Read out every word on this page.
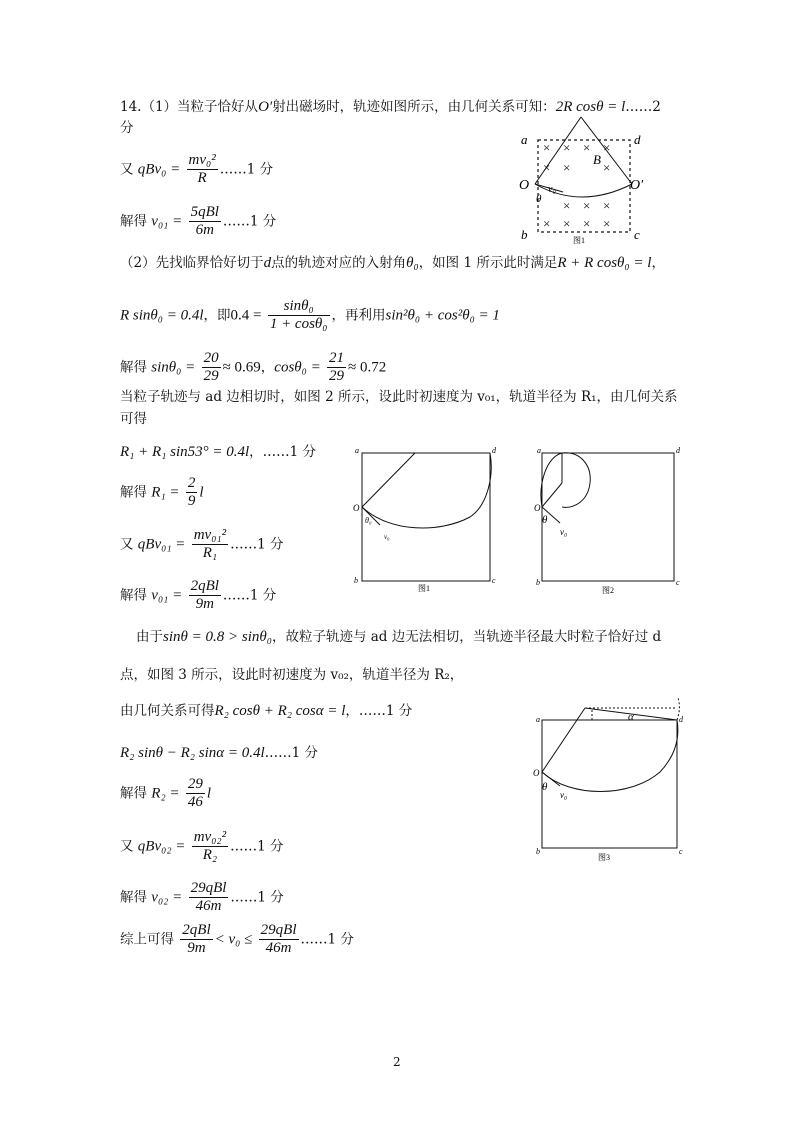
14.（1）当粒子恰好从O′射出磁场时，轨迹如图所示，由几何关系可知：2R cosθ = l……2
分
又 $qBv_0 = \frac{\text{mv₀²}}{R}$ ……1 分
解得 $v_{01} = \frac{\text{5qBl}}{6m}$ ……1 分
（2）先找临界恰好切于d点的轨迹对应的入射角θ₀，如图 1 所示此时满足R + R cosθ₀ = l，
R sinθ₀ = 0.4l，即$0.4 = \frac{\text{sinθ₀}}{\text{1 + cosθ₀}}$ ，再利用sin²θ₀ + cos²θ₀ = 1
解得 $\sin\theta_0 = \frac{20}{29} \approx 0.69$，$\cos\theta_0 = \frac{21}{29} \approx 0.72$
当粒子轨迹与 ad 边相切时，如图 2 所示，设此时初速度为 v₀₁，轨道半径为 R₁，由几何关系
可得
R₁ + R₁ sin53° = 0.4l，……1 分
解得 $R_1 = \frac{2}{9}$ l
又 $qBv_{01} = \frac{\text{mv₀₁²}}{\text{R₁}}$ ……1 分
解得 $v_{01} = \frac{\text{2qBl}}{9m}$ ……1 分
由于sinθ = 0.8 > sinθ₀，故粒子轨迹与 ad 边无法相切，当轨迹半径最大时粒子恰好过 d
点，如图 3 所示，设此时初速度为 v₀₂，轨道半径为 R₂，
由几何关系可得R₂ cosθ + R₂ cosα = l，……1 分
R₂ sinθ − R₂ sinα = 0.4l……1 分
解得 $R_2 = \frac{29}{46}$ l
又 $qBv_{02} = \frac{\text{mv₀₂²}}{\text{R₂}}$ ……1 分
解得 $v_{02} = \frac{\text{29qBl}}{46m}$ ……1 分
综上可得 $\frac{\text{2qBl}}{9m} < v_0 \le \frac{\text{29qBl}}{46m}$ ……1 分
× × × ×
× ×	×
× × ×
× × × ×
a	d
b	c
O	O′
B
θ
v₀
图1
a	d
b	c
O
θ₀
v₀
图1
a	d
b	c
O
θ
v₀
图2
a	d
b	c
O
θ
v₀
α
图3
2
